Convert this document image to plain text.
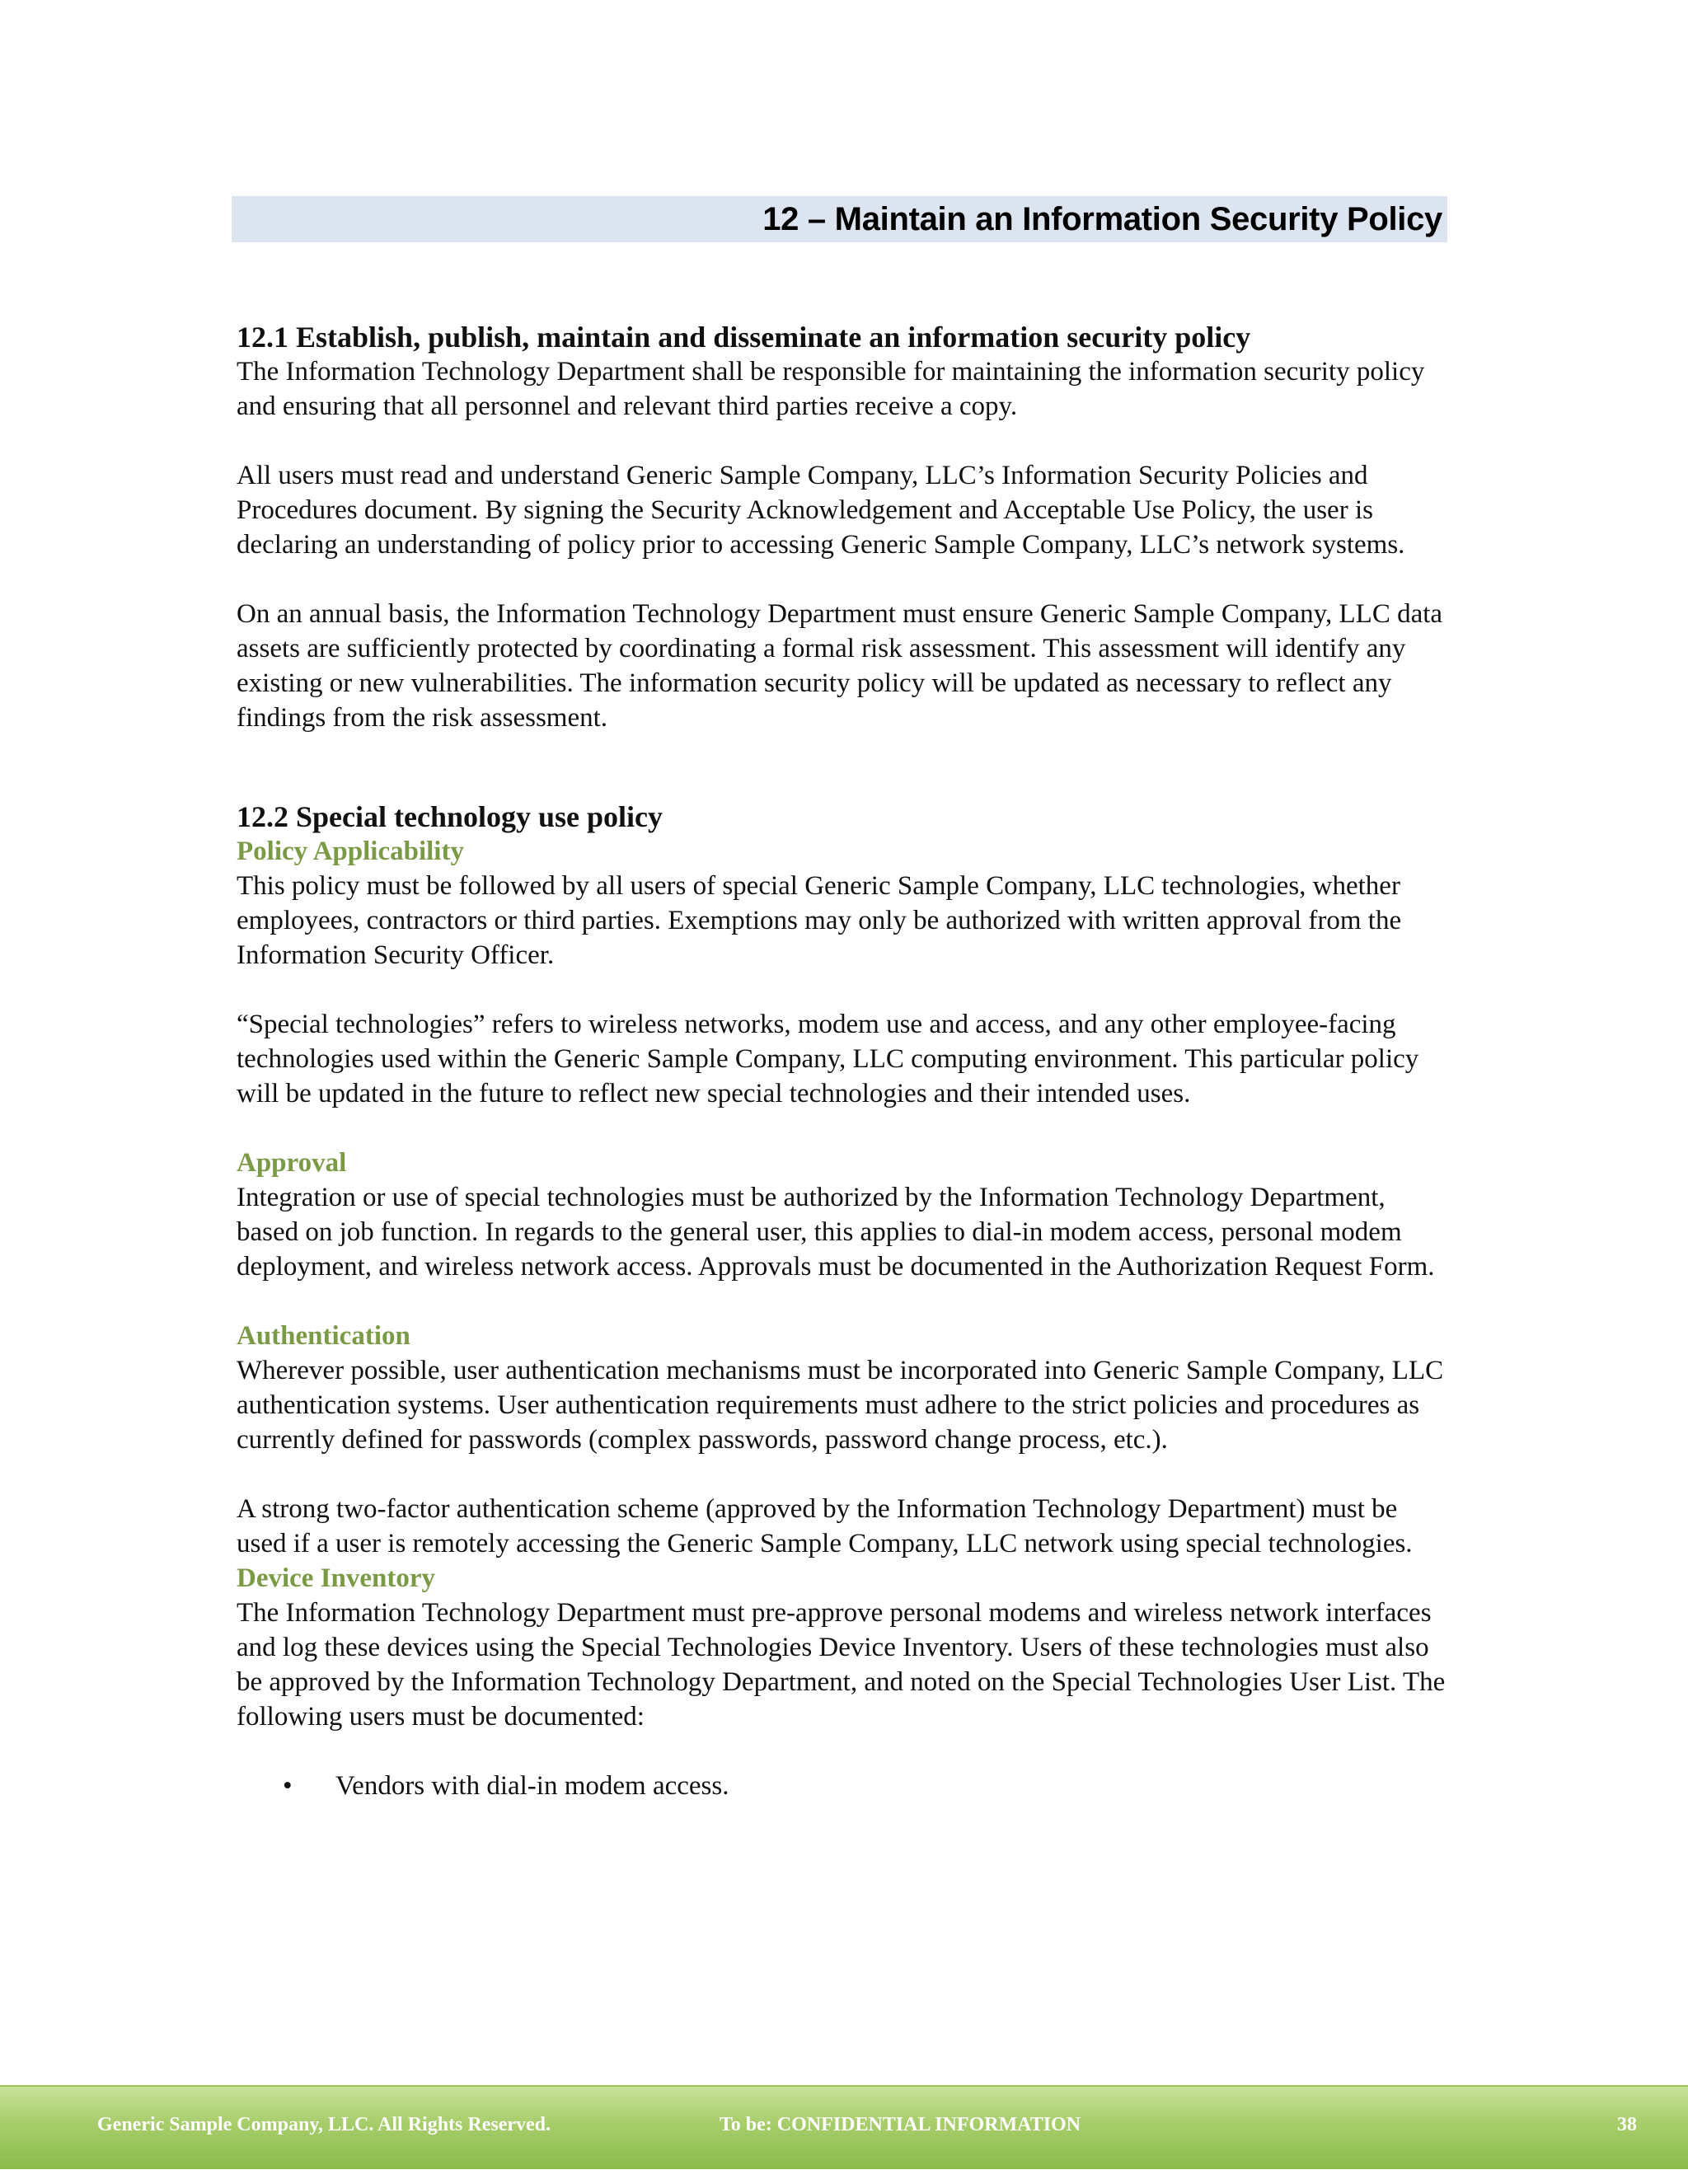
12 – Maintain an Information Security Policy

12.1 Establish, publish, maintain and disseminate an information security policy

The Information Technology Department shall be responsible for maintaining the information security policy and ensuring that all personnel and relevant third parties receive a copy.

All users must read and understand Generic Sample Company, LLC’s Information Security Policies and Procedures document. By signing the Security Acknowledgement and Acceptable Use Policy, the user is declaring an understanding of policy prior to accessing Generic Sample Company, LLC’s network systems.

On an annual basis, the Information Technology Department must ensure Generic Sample Company, LLC data assets are sufficiently protected by coordinating a formal risk assessment. This assessment will identify any existing or new vulnerabilities. The information security policy will be updated as necessary to reflect any findings from the risk assessment.

12.2 Special technology use policy

Policy Applicability

This policy must be followed by all users of special Generic Sample Company, LLC technologies, whether employees, contractors or third parties. Exemptions may only be authorized with written approval from the Information Security Officer.

“Special technologies” refers to wireless networks, modem use and access, and any other employee-facing technologies used within the Generic Sample Company, LLC computing environment. This particular policy will be updated in the future to reflect new special technologies and their intended uses.

Approval

Integration or use of special technologies must be authorized by the Information Technology Department, based on job function. In regards to the general user, this applies to dial-in modem access, personal modem deployment, and wireless network access. Approvals must be documented in the Authorization Request Form.

Authentication

Wherever possible, user authentication mechanisms must be incorporated into Generic Sample Company, LLC authentication systems. User authentication requirements must adhere to the strict policies and procedures as currently defined for passwords (complex passwords, password change process, etc.).

A strong two-factor authentication scheme (approved by the Information Technology Department) must be used if a user is remotely accessing the Generic Sample Company, LLC network using special technologies.

Device Inventory

The Information Technology Department must pre-approve personal modems and wireless network interfaces and log these devices using the Special Technologies Device Inventory. Users of these technologies must also be approved by the Information Technology Department, and noted on the Special Technologies User List. The following users must be documented:

• Vendors with dial-in modem access.
Generic Sample Company, LLC. All Rights Reserved.	To be: CONFIDENTIAL INFORMATION	38
